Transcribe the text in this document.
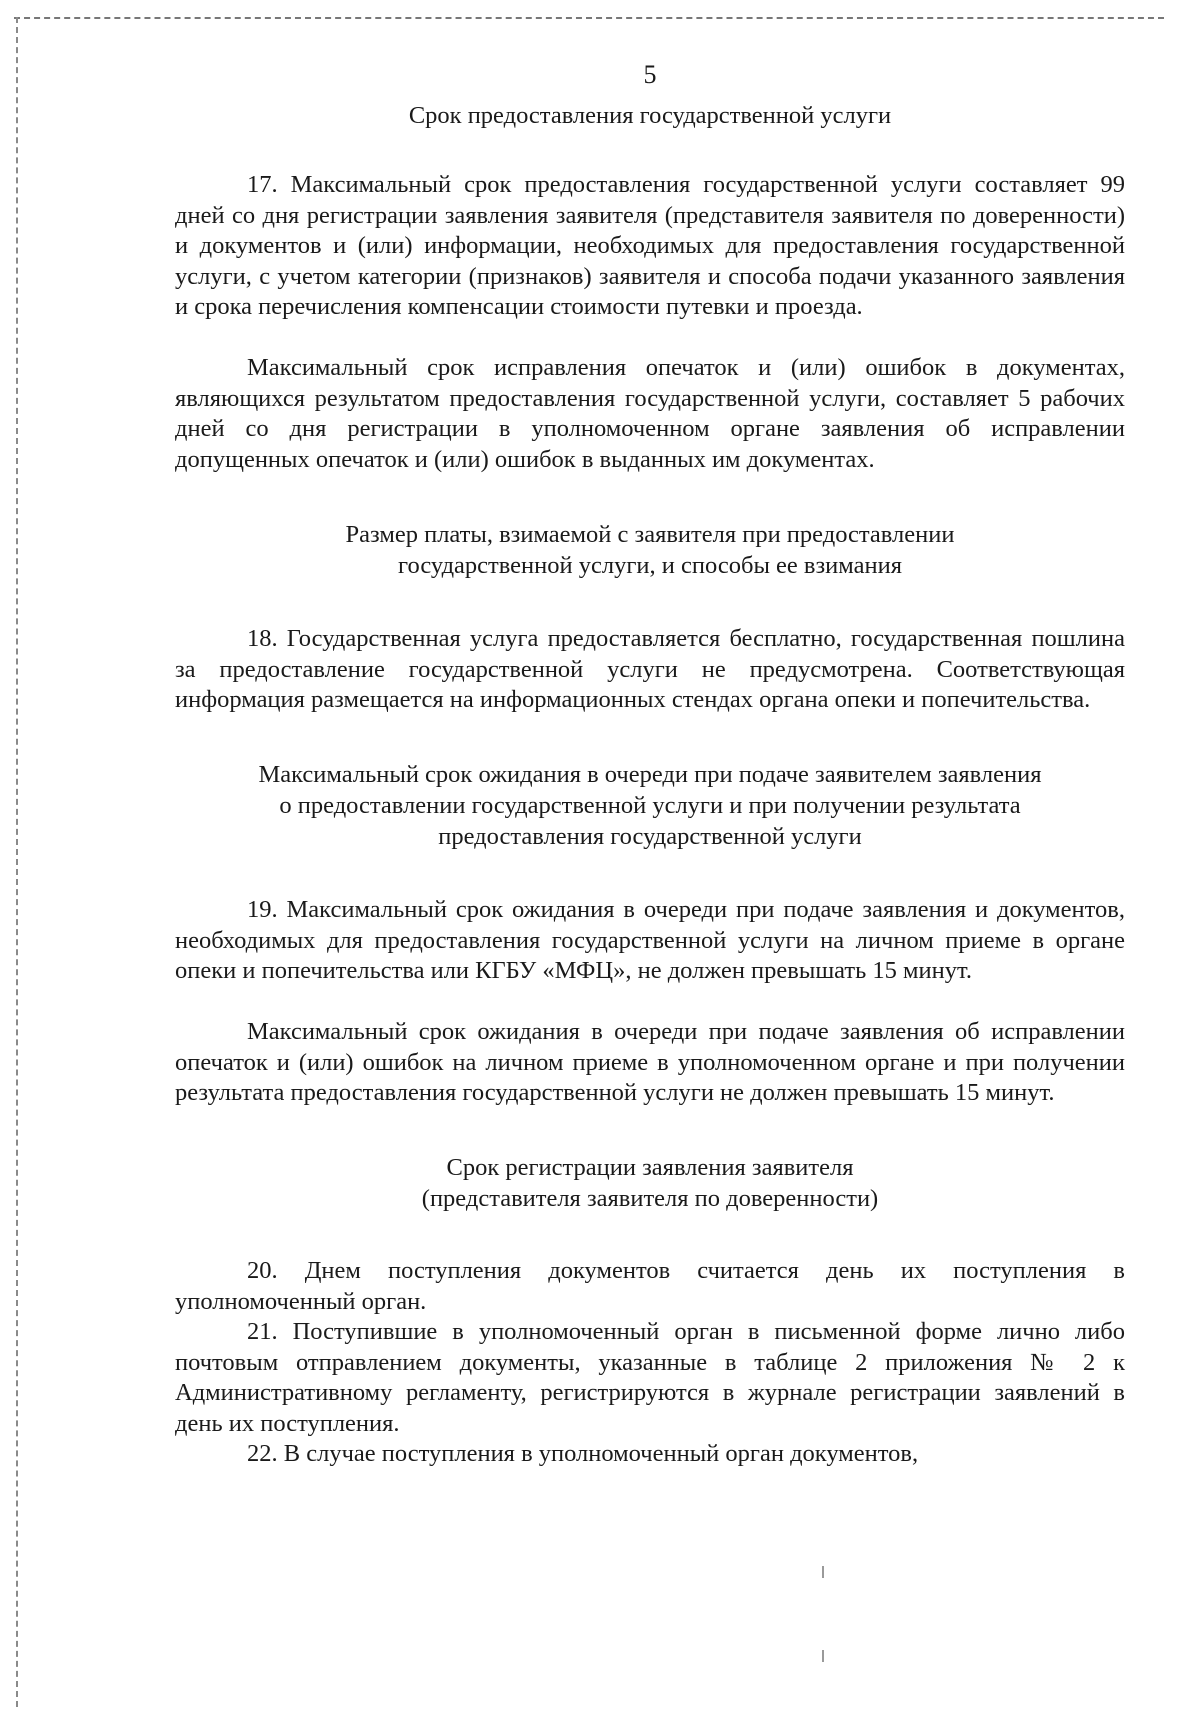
5
Срок предоставления государственной услуги

17. Максимальный срок предоставления государственной услуги составляет 99 дней со дня регистрации заявления заявителя (представителя заявителя по доверенности) и документов и (или) информации, необходимых для предоставления государственной услуги, с учетом категории (признаков) заявителя и способа подачи указанного заявления и срока перечисления компенсации стоимости путевки и проезда.

Максимальный срок исправления опечаток и (или) ошибок в документах, являющихся результатом предоставления государственной услуги, составляет 5 рабочих дней со дня регистрации в уполномоченном органе заявления об исправлении допущенных опечаток и (или) ошибок в выданных им документах.

Размер платы, взимаемой с заявителя при предоставлении
государственной услуги, и способы ее взимания

18. Государственная услуга предоставляется бесплатно, государственная пошлина за предоставление государственной услуги не предусмотрена. Соответствующая информация размещается на информационных стендах органа опеки и попечительства.

Максимальный срок ожидания в очереди при подаче заявителем заявления
о предоставлении государственной услуги и при получении результата
предоставления государственной услуги

19. Максимальный срок ожидания в очереди при подаче заявления и документов, необходимых для предоставления государственной услуги на личном приеме в органе опеки и попечительства или КГБУ «МФЦ», не должен превышать 15 минут.

Максимальный срок ожидания в очереди при подаче заявления об исправлении опечаток и (или) ошибок на личном приеме в уполномоченном органе и при получении результата предоставления государственной услуги не должен превышать 15 минут.

Срок регистрации заявления заявителя
(представителя заявителя по доверенности)

20. Днем поступления документов считается день их поступления в уполномоченный орган.

21. Поступившие в уполномоченный орган в письменной форме лично либо почтовым отправлением документы, указанные в таблице 2 приложения № 2 к Административному регламенту, регистрируются в журнале регистрации заявлений в день их поступления.

22. В случае поступления в уполномоченный орган документов,
